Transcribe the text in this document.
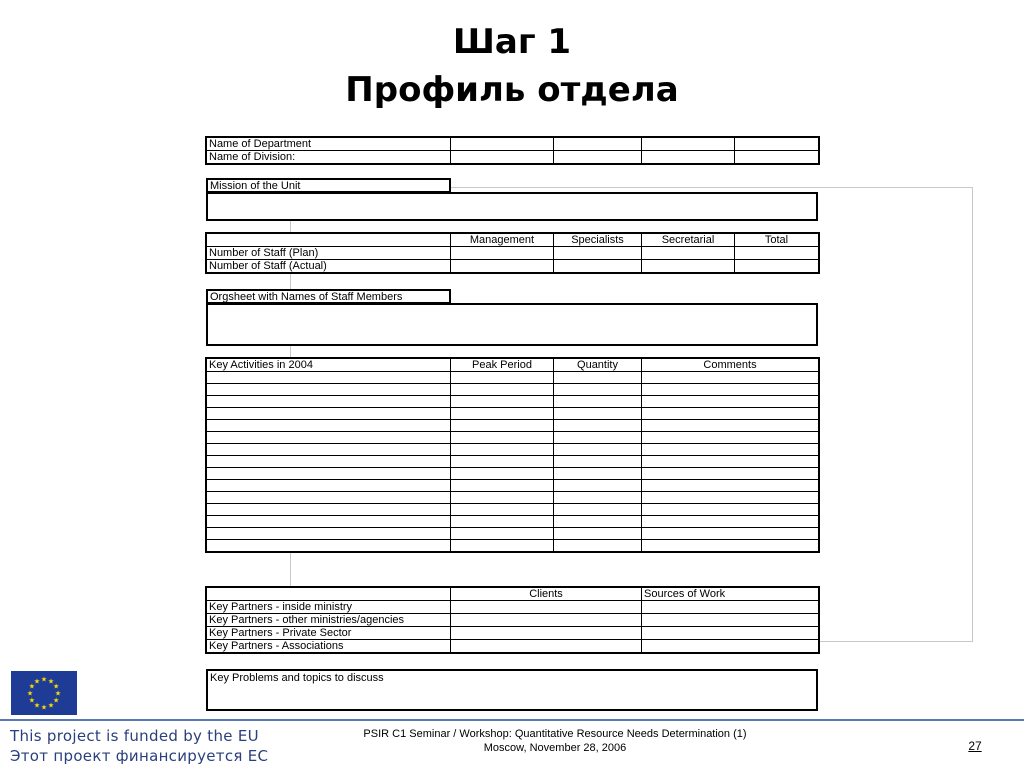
Шаг 1
Профиль отдела
Name of Department				
Name of Division:				
Mission of the Unit
	Management	Specialists	Secretarial	Total
Number of Staff (Plan)				
Number of Staff (Actual)				
Orgsheet with Names of Staff Members
Key Activities in 2004	Peak Period	Quantity	Comments

	Clients	Sources of Work
Key Partners - inside ministry		
Key Partners - other ministries/agencies		
Key Partners - Private Sector		
Key Partners - Associations		
Key Problems and topics to discuss
★ ★
★
★
★
★
★
★
★
★
★
★
This project is funded by the EU
Этот проект финансируется ЕС
PSIR C1 Seminar / Workshop: Quantitative Resource Needs Determination (1)
Moscow, November 28, 2006	27
